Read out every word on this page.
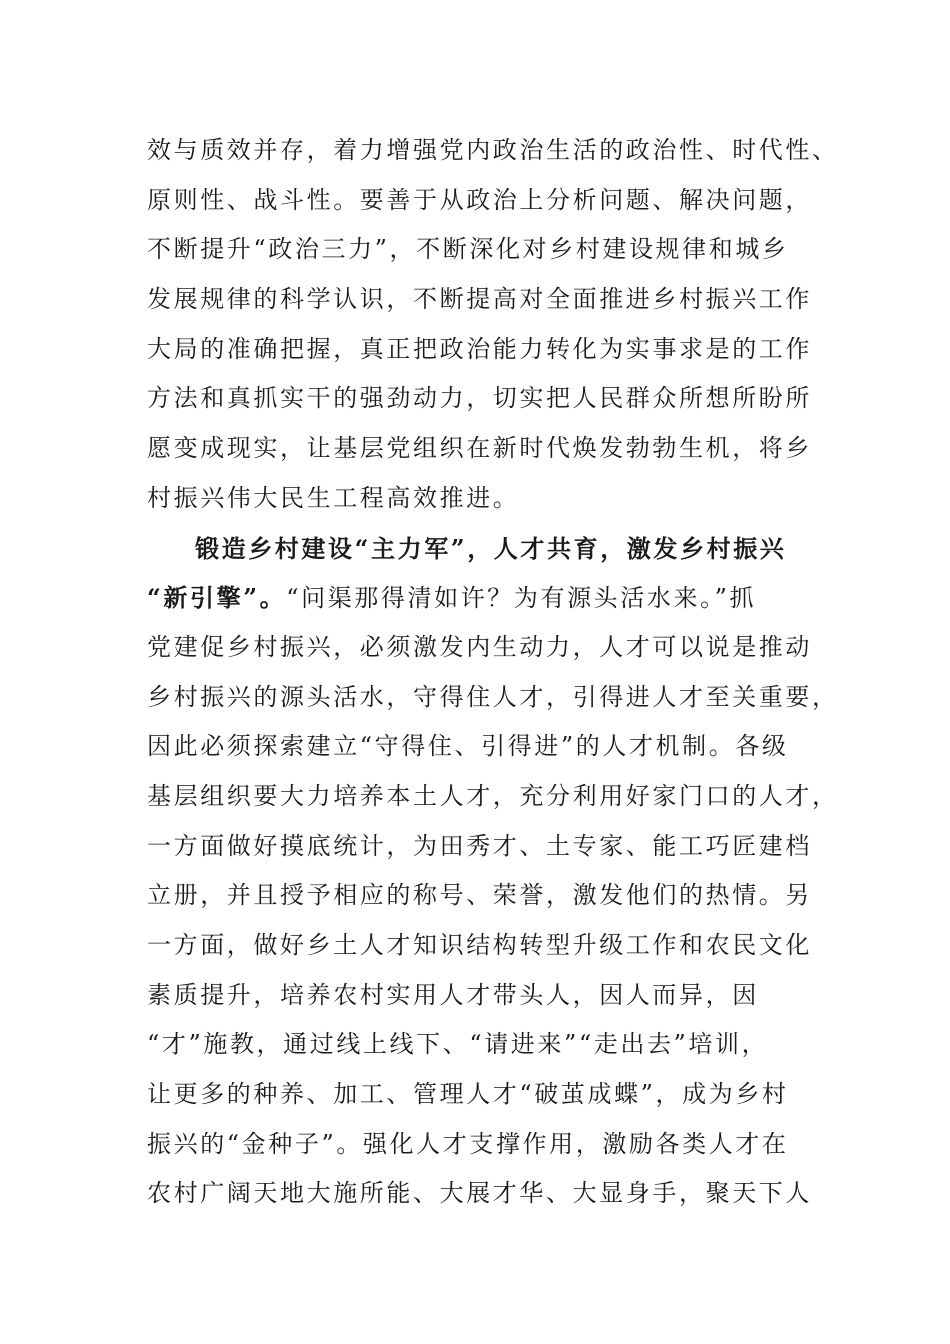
效与质效并存，着力增强党内政治生活的政治性、时代性、
原则性、战斗性。要善于从政治上分析问题、解决问题，
不断提升“政治三力”，不断深化对乡村建设规律和城乡
发展规律的科学认识，不断提高对全面推进乡村振兴工作
大局的准确把握，真正把政治能力转化为实事求是的工作
方法和真抓实干的强劲动力，切实把人民群众所想所盼所
愿变成现实，让基层党组织在新时代焕发勃勃生机，将乡
村振兴伟大民生工程高效推进。
锻造乡村建设“主力军”，人才共育，激发乡村振兴
“新引擎”。“问渠那得清如许？为有源头活水来。”抓
党建促乡村振兴，必须激发内生动力，人才可以说是推动
乡村振兴的源头活水，守得住人才，引得进人才至关重要，
因此必须探索建立“守得住、引得进”的人才机制。各级
基层组织要大力培养本土人才，充分利用好家门口的人才，
一方面做好摸底统计，为田秀才、土专家、能工巧匠建档
立册，并且授予相应的称号、荣誉，激发他们的热情。另
一方面，做好乡土人才知识结构转型升级工作和农民文化
素质提升，培养农村实用人才带头人，因人而异，因
“才”施教，通过线上线下、“请进来”“走出去”培训，
让更多的种养、加工、管理人才“破茧成蝶”，成为乡村
振兴的“金种子”。强化人才支撑作用，激励各类人才在
农村广阔天地大施所能、大展才华、大显身手，聚天下人
